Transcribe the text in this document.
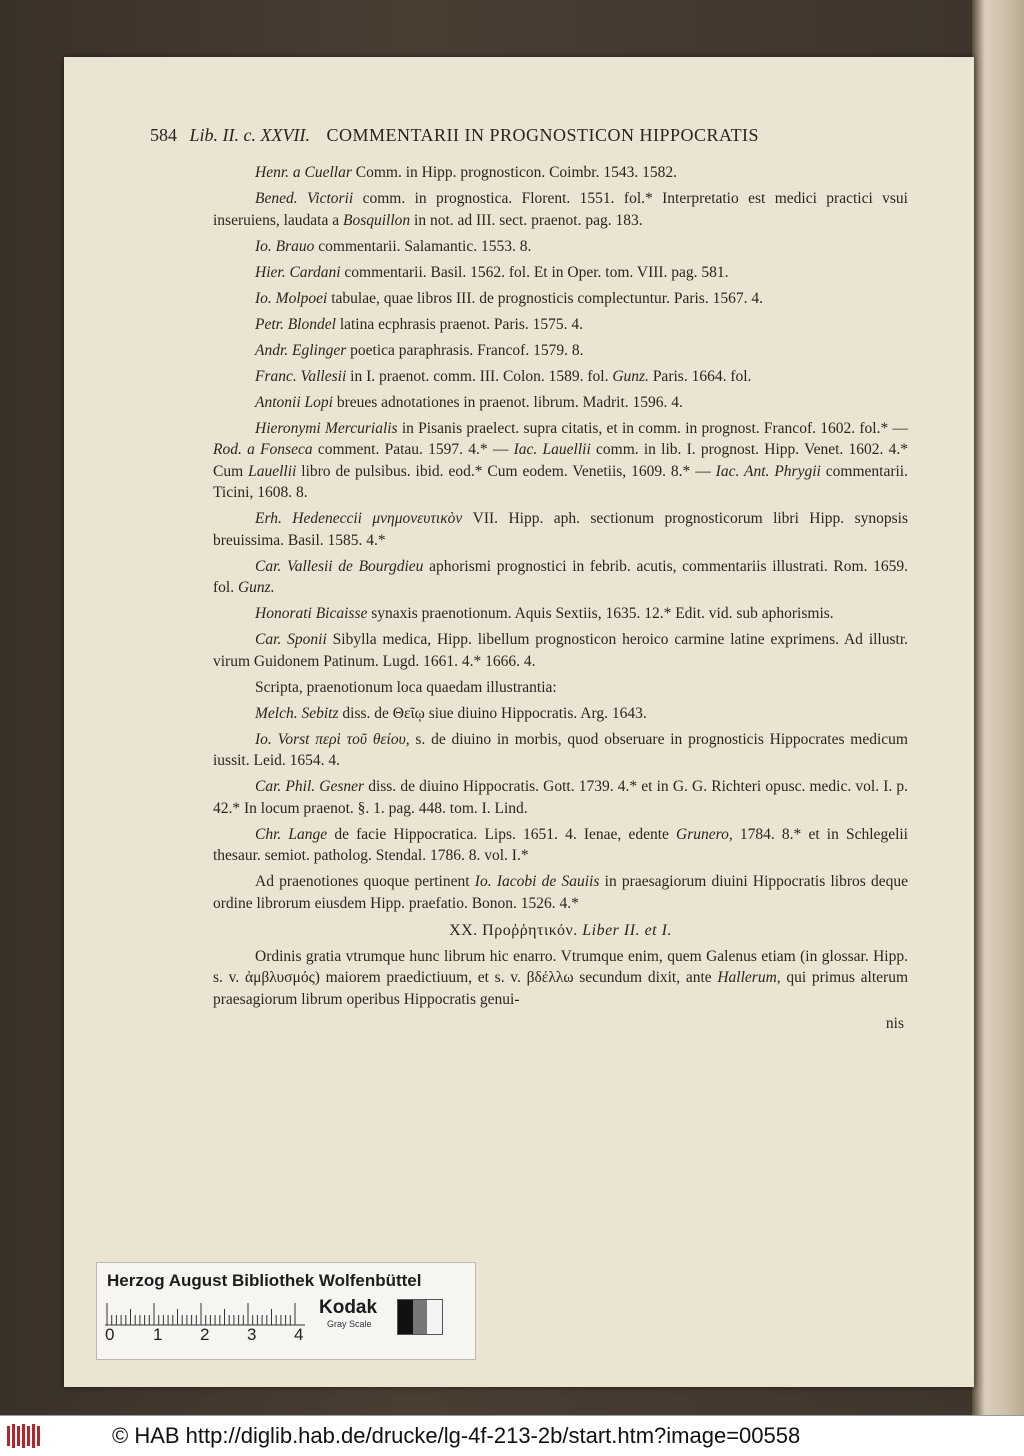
584 Lib. II. c. XXVII. COMMENTARII IN PROGNOSTICON HIPPOCRATIS

Henr. a Cuellar Comm. in Hipp. prognosticon. Coimbr. 1543. 1582.

Bened. Victorii comm. in prognostica. Florent. 1551. fol.* Interpretatio est medici practici vsui inseruiens, laudata a Bosquillon in not. ad III. sect. praenot. pag. 183.

Io. Brauo commentarii. Salamantic. 1553. 8.

Hier. Cardani commentarii. Basil. 1562. fol. Et in Oper. tom. VIII. pag. 581.

Io. Molpoei tabulae, quae libros III. de prognosticis complectuntur. Paris. 1567. 4.

Petr. Blondel latina ecphrasis praenot. Paris. 1575. 4.

Andr. Eglinger poetica paraphrasis. Francof. 1579. 8.

Franc. Vallesii in I. praenot. comm. III. Colon. 1589. fol. Gunz. Paris. 1664. fol.

Antonii Lopi breues adnotationes in praenot. librum. Madrit. 1596. 4.

Hieronymi Mercurialis in Pisanis praelect. supra citatis, et in comm. in prognost. Francof. 1602. fol.* — Rod. a Fonseca comment. Patau. 1597. 4.* — Iac. Lauellii comm. in lib. I. prognost. Hipp. Venet. 1602. 4.* Cum Lauellii libro de pulsibus. ibid. eod.* Cum eodem. Venetiis, 1609. 8.* — Iac. Ant. Phrygii commentarii. Ticini, 1608. 8.

Erh. Hedeneccii μνημονευτικὸν VII. Hipp. aph. sectionum prognosticorum libri Hipp. synopsis breuissima. Basil. 1585. 4.*

Car. Vallesii de Bourgdieu aphorismi prognostici in febrib. acutis, commentariis illustrati. Rom. 1659. fol. Gunz.

Honorati Bicaisse synaxis praenotionum. Aquis Sextiis, 1635. 12.* Edit. vid. sub aphorismis.

Car. Sponii Sibylla medica, Hipp. libellum prognosticon heroico carmine latine exprimens. Ad illustr. virum Guidonem Patinum. Lugd. 1661. 4.* 1666. 4.

Scripta, praenotionum loca quaedam illustrantia:

Melch. Sebitz diss. de Θεῖῳ siue diuino Hippocratis. Arg. 1643.

Io. Vorst περὶ τοῦ θείου, s. de diuino in morbis, quod obseruare in prognosticis Hippocrates medicum iussit. Leid. 1654. 4.

Car. Phil. Gesner diss. de diuino Hippocratis. Gott. 1739. 4.* et in G. G. Richteri opusc. medic. vol. I. p. 42.* In locum praenot. §. 1. pag. 448. tom. I. Lind.

Chr. Lange de facie Hippocratica. Lips. 1651. 4. Ienae, edente Grunero, 1784. 8.* et in Schlegelii thesaur. semiot. patholog. Stendal. 1786. 8. vol. I.*

Ad praenotiones quoque pertinent Io. Iacobi de Sauiis in praesagiorum diuini Hippocratis libros deque ordine librorum eiusdem Hipp. praefatio. Bonon. 1526. 4.*

XX. Προῤῥητικόν. Liber II. et I.

Ordinis gratia vtrumque hunc librum hic enarro. Vtrumque enim, quem Galenus etiam (in glossar. Hipp. s. v. ἀμβλυσμός) maiorem praedictiuum, et s. v. βδέλλω secundum dixit, ante Hallerum, qui primus alterum praesagiorum librum operibus Hippocratis genui-

nis
Herzog August Bibliothek Wolfenbüttel
0 1 2 3 4
Kodak
Gray Scale
© HAB http://diglib.hab.de/drucke/lg-4f-213-2b/start.htm?image=00558
